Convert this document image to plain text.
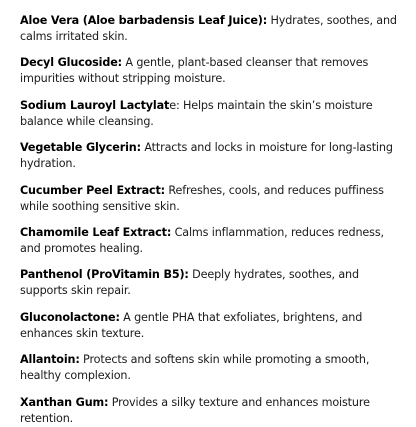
Aloe Vera (Aloe barbadensis Leaf Juice): Hydrates, soothes, and calms irritated skin.

Decyl Glucoside: A gentle, plant-based cleanser that removes impurities without stripping moisture.

Sodium Lauroyl Lactylate: Helps maintain the skin’s moisture balance while cleansing.

Vegetable Glycerin: Attracts and locks in moisture for long-lasting hydration.

Cucumber Peel Extract: Refreshes, cools, and reduces puffiness while soothing sensitive skin.

Chamomile Leaf Extract: Calms inflammation, reduces redness, and promotes healing.

Panthenol (ProVitamin B5): Deeply hydrates, soothes, and supports skin repair.

Gluconolactone: A gentle PHA that exfoliates, brightens, and enhances skin texture.

Allantoin: Protects and softens skin while promoting a smooth, healthy complexion.

Xanthan Gum: Provides a silky texture and enhances moisture retention.
